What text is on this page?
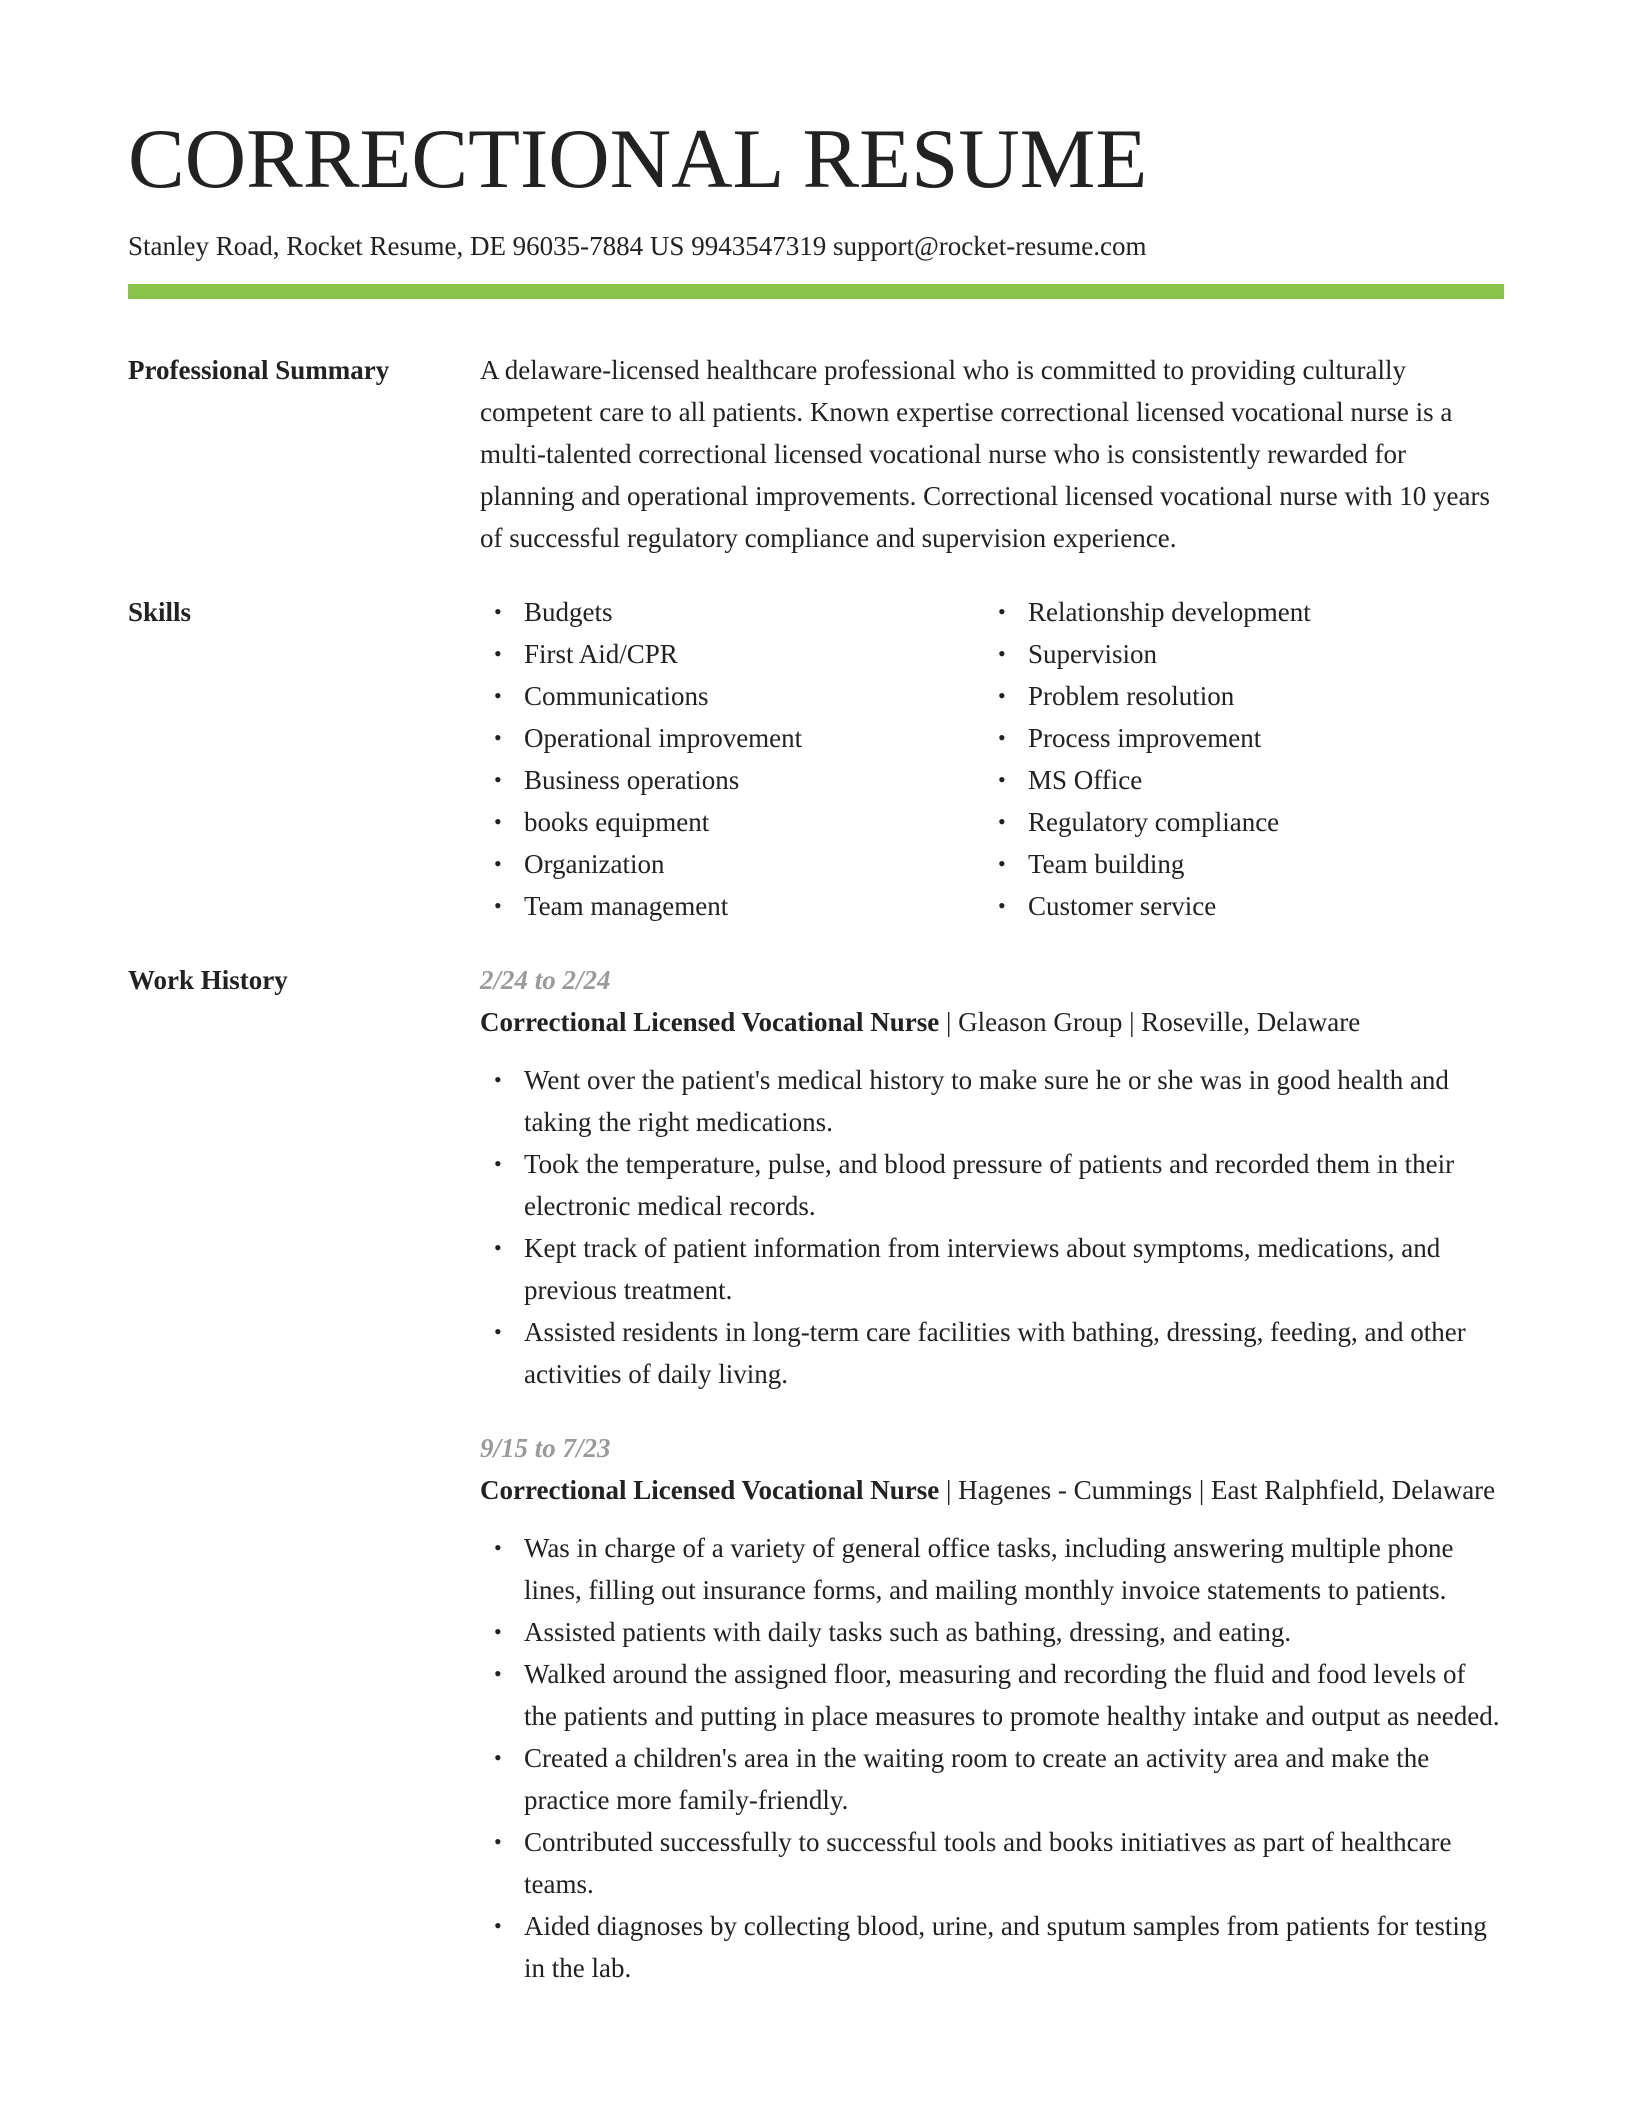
CORRECTIONAL RESUME
Stanley Road, Rocket Resume, DE 96035-7884 US 9943547319 support@rocket-resume.com
Professional Summary	A delaware-licensed healthcare professional who is committed to providing culturally competent care to all patients. Known expertise correctional licensed vocational nurse is a multi-talented correctional licensed vocational nurse who is consistently rewarded for planning and operational improvements. Correctional licensed vocational nurse with 10 years of successful regulatory compliance and supervision experience.
Skills	• Budgets
• First Aid/CPR
• Communications
• Operational improvement
• Business operations
• books equipment
• Organization
• Team management
• Relationship development
• Supervision
• Problem resolution
• Process improvement
• MS Office
• Regulatory compliance
• Team building
• Customer service
Work History	2/24 to 2/24
Correctional Licensed Vocational Nurse | Gleason Group | Roseville, Delaware
• Went over the patient's medical history to make sure he or she was in good health and taking the right medications.
• Took the temperature, pulse, and blood pressure of patients and recorded them in their electronic medical records.
• Kept track of patient information from interviews about symptoms, medications, and previous treatment.
• Assisted residents in long-term care facilities with bathing, dressing, feeding, and other activities of daily living.
9/15 to 7/23
Correctional Licensed Vocational Nurse | Hagenes - Cummings | East Ralphfield, Delaware
• Was in charge of a variety of general office tasks, including answering multiple phone lines, filling out insurance forms, and mailing monthly invoice statements to patients.
• Assisted patients with daily tasks such as bathing, dressing, and eating.
• Walked around the assigned floor, measuring and recording the fluid and food levels of the patients and putting in place measures to promote healthy intake and output as needed.
• Created a children's area in the waiting room to create an activity area and make the practice more family-friendly.
• Contributed successfully to successful tools and books initiatives as part of healthcare teams.
• Aided diagnoses by collecting blood, urine, and sputum samples from patients for testing in the lab.
